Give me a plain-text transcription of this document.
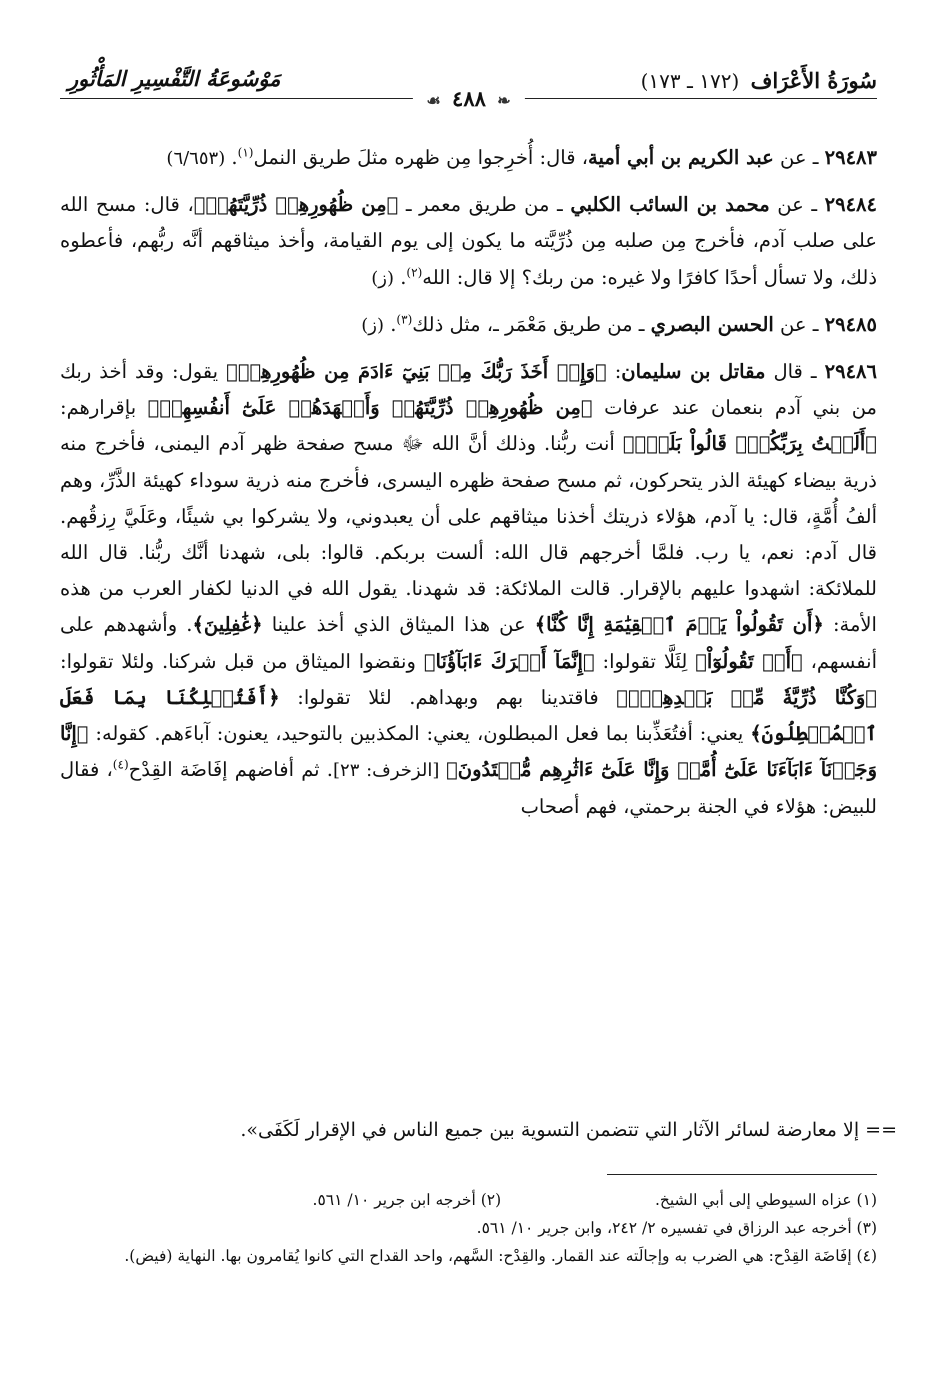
سُورَةُ الأَعْرَاف (١٧٢ ـ ١٧٣)
مَوْسُوعَةُ التَّفْسِيرِ المَأْثُورِ
❧ ٤٨٨ ☙

٢٩٤٨٣ ـ عن عبد الكريم بن أبي أمية، قال: أُخرِجوا مِن ظهره مثلَ طريق النمل$^{(١)}$. (٦/٦٥٣)

٢٩٤٨٤ ـ عن محمد بن السائب الكلبي ـ من طريق معمر ـ ﴿مِن ظُهُورِهِمۡ ذُرِّيَّتَهُمۡ﴾، قال: مسح الله على صلب آدم، فأخرج مِن صلبه مِن ذُرِّيَّته ما يكون إلى يوم القيامة، وأخذ ميثاقهم أنَّه ربُّهم، فأعطوه ذلك، ولا تسأل أحدًا كافرًا ولا غيره: من ربك؟ إلا قال: الله$^{(٢)}$. (ز)

٢٩٤٨٥ ـ عن الحسن البصري ـ من طريق مَعْمَر ـ، مثل ذلك$^{(٣)}$. (ز)

٢٩٤٨٦ ـ قال مقاتل بن سليمان: ﴿وَإِذۡ أَخَذَ رَبُّكَ مِنۢ بَنِيٓ ءَادَمَ مِن ظُهُورِهِمۡ﴾ يقول: وقد أخذ ربك من بني آدم بنعمان عند عرفات ﴿مِن ظُهُورِهِمۡ ذُرِّيَّتَهُمۡ وَأَشۡهَدَهُمۡ عَلَىٰٓ أَنفُسِهِمۡ﴾ بإقرارهم: ﴿أَلَسۡتُ بِرَبِّكُمۡۖ قَالُواْ بَلَىٰۛ﴾ أنت ربُّنا. وذلك أنَّ الله ﷻ مسح صفحة ظهر آدم اليمنى، فأخرج منه ذرية بيضاء كهيئة الذر يتحركون، ثم مسح صفحة ظهره اليسرى، فأخرج منه ذرية سوداء كهيئة الذَّرِّ، وهم ألفُ أُمَّةٍ، قال: يا آدم، هؤلاء ذريتك أخذنا ميثاقهم على أن يعبدوني، ولا يشركوا بي شيئًا، وعَلَيَّ رِزقُهم. قال آدم: نعم، يا رب. فلمَّا أخرجهم قال الله: ألست بربكم. قالوا: بلى، شهدنا أنَّك ربُّنا. قال الله للملائكة: اشهدوا عليهم بالإقرار. قالت الملائكة: قد شهدنا. يقول الله في الدنيا لكفار العرب من هذه الأمة: ﴿أَن تَقُولُواْ يَوۡمَ ٱلۡقِيَٰمَةِ إِنَّا كُنَّا﴾ عن هذا الميثاق الذي أخذ علينا ﴿غَٰفِلِينَ﴾. وأشهدهم على أنفسهم، ﴿أَوۡ تَقُولُوٓاْ﴾ لِئَلَّا تقولوا: ﴿إِنَّمَآ أَشۡرَكَ ءَابَآؤُنَا﴾ ونقضوا الميثاق من قبل شركنا. ولئلا تقولوا: ﴿وَكُنَّا ذُرِّيَّةٗ مِّنۢ بَعۡدِهِمۡۖ﴾ فاقتدينا بهم وبهداهم. لئلا تقولوا: ﴿أَفَتُهۡلِكُنَا بِمَا فَعَلَ ٱلۡمُبۡطِلُونَ﴾ يعني: أفتُعَذِّبنا بما فعل المبطلون، يعني: المكذبين بالتوحيد، يعنون: آباءَهم. كقوله: ﴿إِنَّا وَجَدۡنَآ ءَابَآءَنَا عَلَىٰٓ أُمَّةٖ وَإِنَّا عَلَىٰٓ ءَاثَٰرِهِم مُّقۡتَدُونَ﴾ [الزخرف: ٢٣]. ثم أفاضهم إفَاضَة القِدْح$^{(٤)}$، فقال للبيض: هؤلاء في الجنة برحمتي، فهم أصحاب

== إلا معارضة لسائر الآثار التي تتضمن التسوية بين جميع الناس في الإقرار لَكَفَى».
(١) عزاه السيوطي إلى أبي الشيخ.
(٢) أخرجه ابن جرير ١٠/ ٥٦١.
(٣) أخرجه عبد الرزاق في تفسيره ٢/ ٢٤٢، وابن جرير ١٠/ ٥٦١.
(٤) إفَاضَة القِدْح: هي الضرب به وإجالَته عند القمار. والقِدْح: السَّهم، واحد القداح التي كانوا يُقامرون بها. النهاية (فيض).
